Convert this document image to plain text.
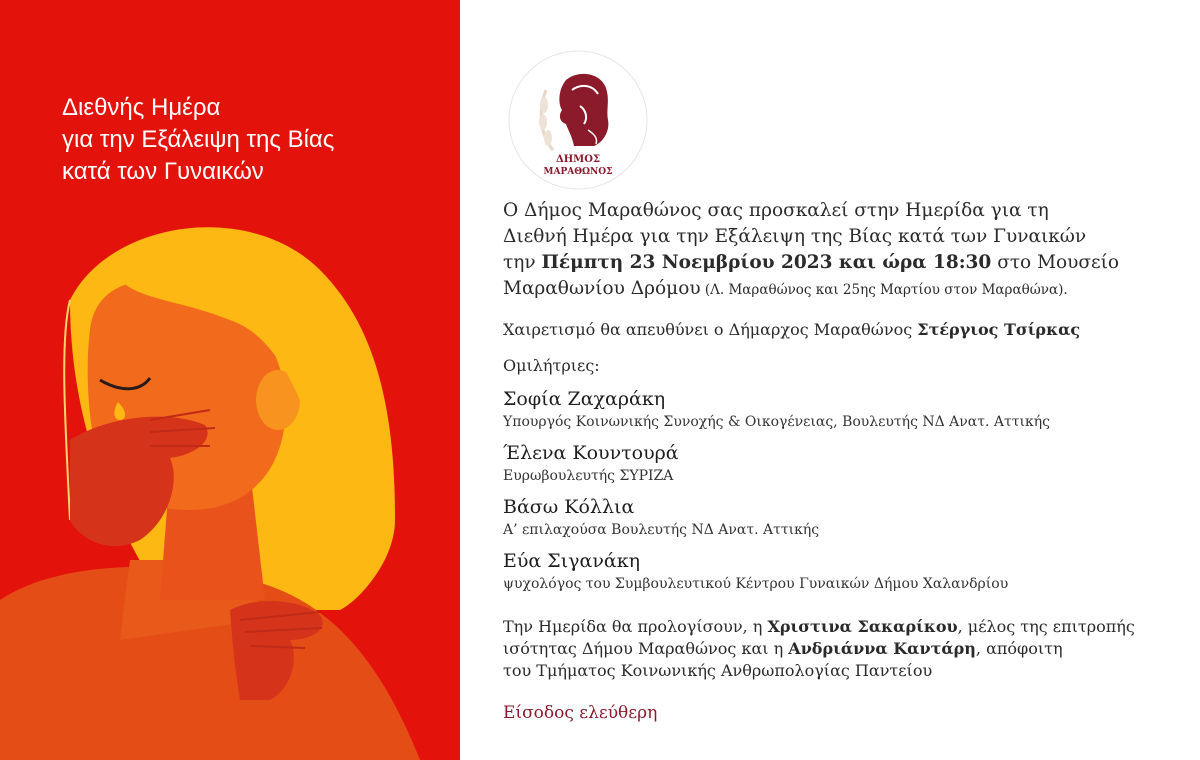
Διεθνής Ημέρα
για την Εξάλειψη της Βίας
κατά των Γυναικών	ΔΗΜΟΣ
ΜΑΡΑΘΩΝΟΣ
Ο Δήμος Μαραθώνος σας προσκαλεί στην Ημερίδα για τη
Διεθνή Ημέρα για την Εξάλειψη της Βίας κατά των Γυναικών
την Πέμπτη 23 Νοεμβρίου 2023 και ώρα 18:30 στο Μουσείο
Μαραθωνίου Δρόμου (Λ. Μαραθώνος και 25ης Μαρτίου στον Μαραθώνα).
Χαιρετισμό θα απευθύνει ο Δήμαρχος Μαραθώνος Στέργιος Τσίρκας
Ομιλήτριες:
Σοφία Ζαχαράκη
Υπουργός Κοινωνικής Συνοχής & Οικογένειας, Βουλευτής ΝΔ Ανατ. Αττικής
Έλενα Κουντουρά
Ευρωβουλευτής ΣΥΡΙΖΑ
Βάσω Κόλλια
Α’ επιλαχούσα Βουλευτής ΝΔ Ανατ. Αττικής
Εύα Σιγανάκη
ψυχολόγος του Συμβουλευτικού Κέντρου Γυναικών Δήμου Χαλανδρίου
Την Ημερίδα θα προλογίσουν, η Χριστινα Σακαρίκου, μέλος της επιτροπής
ισότητας Δήμου Μαραθώνος και η Ανδριάννα Καντάρη, απόφοιτη
του Τμήματος Κοινωνικής Ανθρωπολογίας Παντείου
Είσοδος ελεύθερη
